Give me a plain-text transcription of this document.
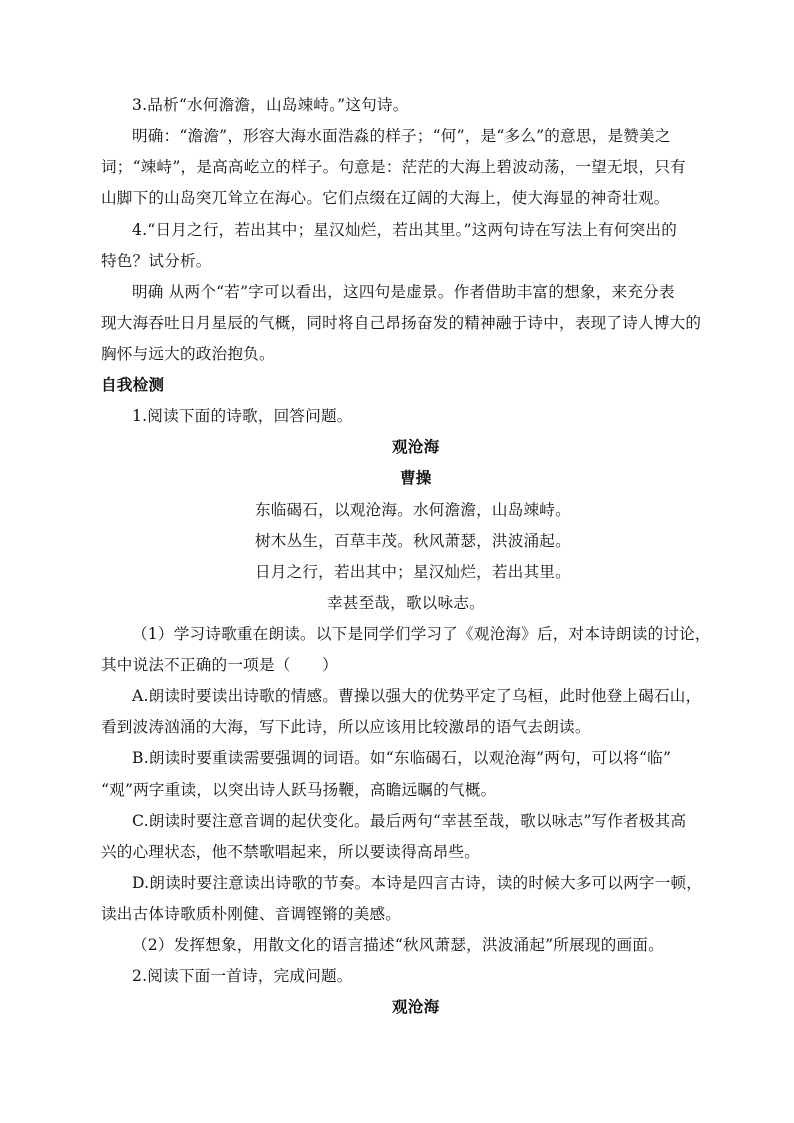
3.品析“水何澹澹，山岛竦峙。”这句诗。
明确：“澹澹”，形容大海水面浩淼的样子；“何”，是“多么”的意思，是赞美之
词；“竦峙”，是高高屹立的样子。句意是：茫茫的大海上碧波动荡，一望无垠，只有
山脚下的山岛突兀耸立在海心。它们点缀在辽阔的大海上，使大海显的神奇壮观。
4.“日月之行，若出其中；星汉灿烂，若出其里。”这两句诗在写法上有何突出的
特色？试分析。
明确 从两个“若”字可以看出，这四句是虚景。作者借助丰富的想象，来充分表
现大海吞吐日月星辰的气概，同时将自己昂扬奋发的精神融于诗中，表现了诗人博大的
胸怀与远大的政治抱负。
自我检测
1.阅读下面的诗歌，回答问题。
观沧海
曹操
东临碣石，以观沧海。水何澹澹，山岛竦峙。
树木丛生，百草丰茂。秋风萧瑟，洪波涌起。
日月之行，若出其中；星汉灿烂，若出其里。
幸甚至哉，歌以咏志。
（1）学习诗歌重在朗读。以下是同学们学习了《观沧海》后，对本诗朗读的讨论，
其中说法不正确的一项是（　　）
A.朗读时要读出诗歌的情感。曹操以强大的优势平定了乌桓，此时他登上碣石山，
看到波涛汹涌的大海，写下此诗，所以应该用比较激昂的语气去朗读。
B.朗读时要重读需要强调的词语。如“东临碣石，以观沧海”两句，可以将“临”
“观”两字重读，以突出诗人跃马扬鞭，高瞻远瞩的气概。
C.朗读时要注意音调的起伏变化。最后两句“幸甚至哉，歌以咏志”写作者极其高
兴的心理状态，他不禁歌唱起来，所以要读得高昂些。
D.朗读时要注意读出诗歌的节奏。本诗是四言古诗，读的时候大多可以两字一顿，
读出古体诗歌质朴刚健、音调铿锵的美感。
（2）发挥想象，用散文化的语言描述“秋风萧瑟，洪波涌起”所展现的画面。
2.阅读下面一首诗，完成问题。
观沧海
